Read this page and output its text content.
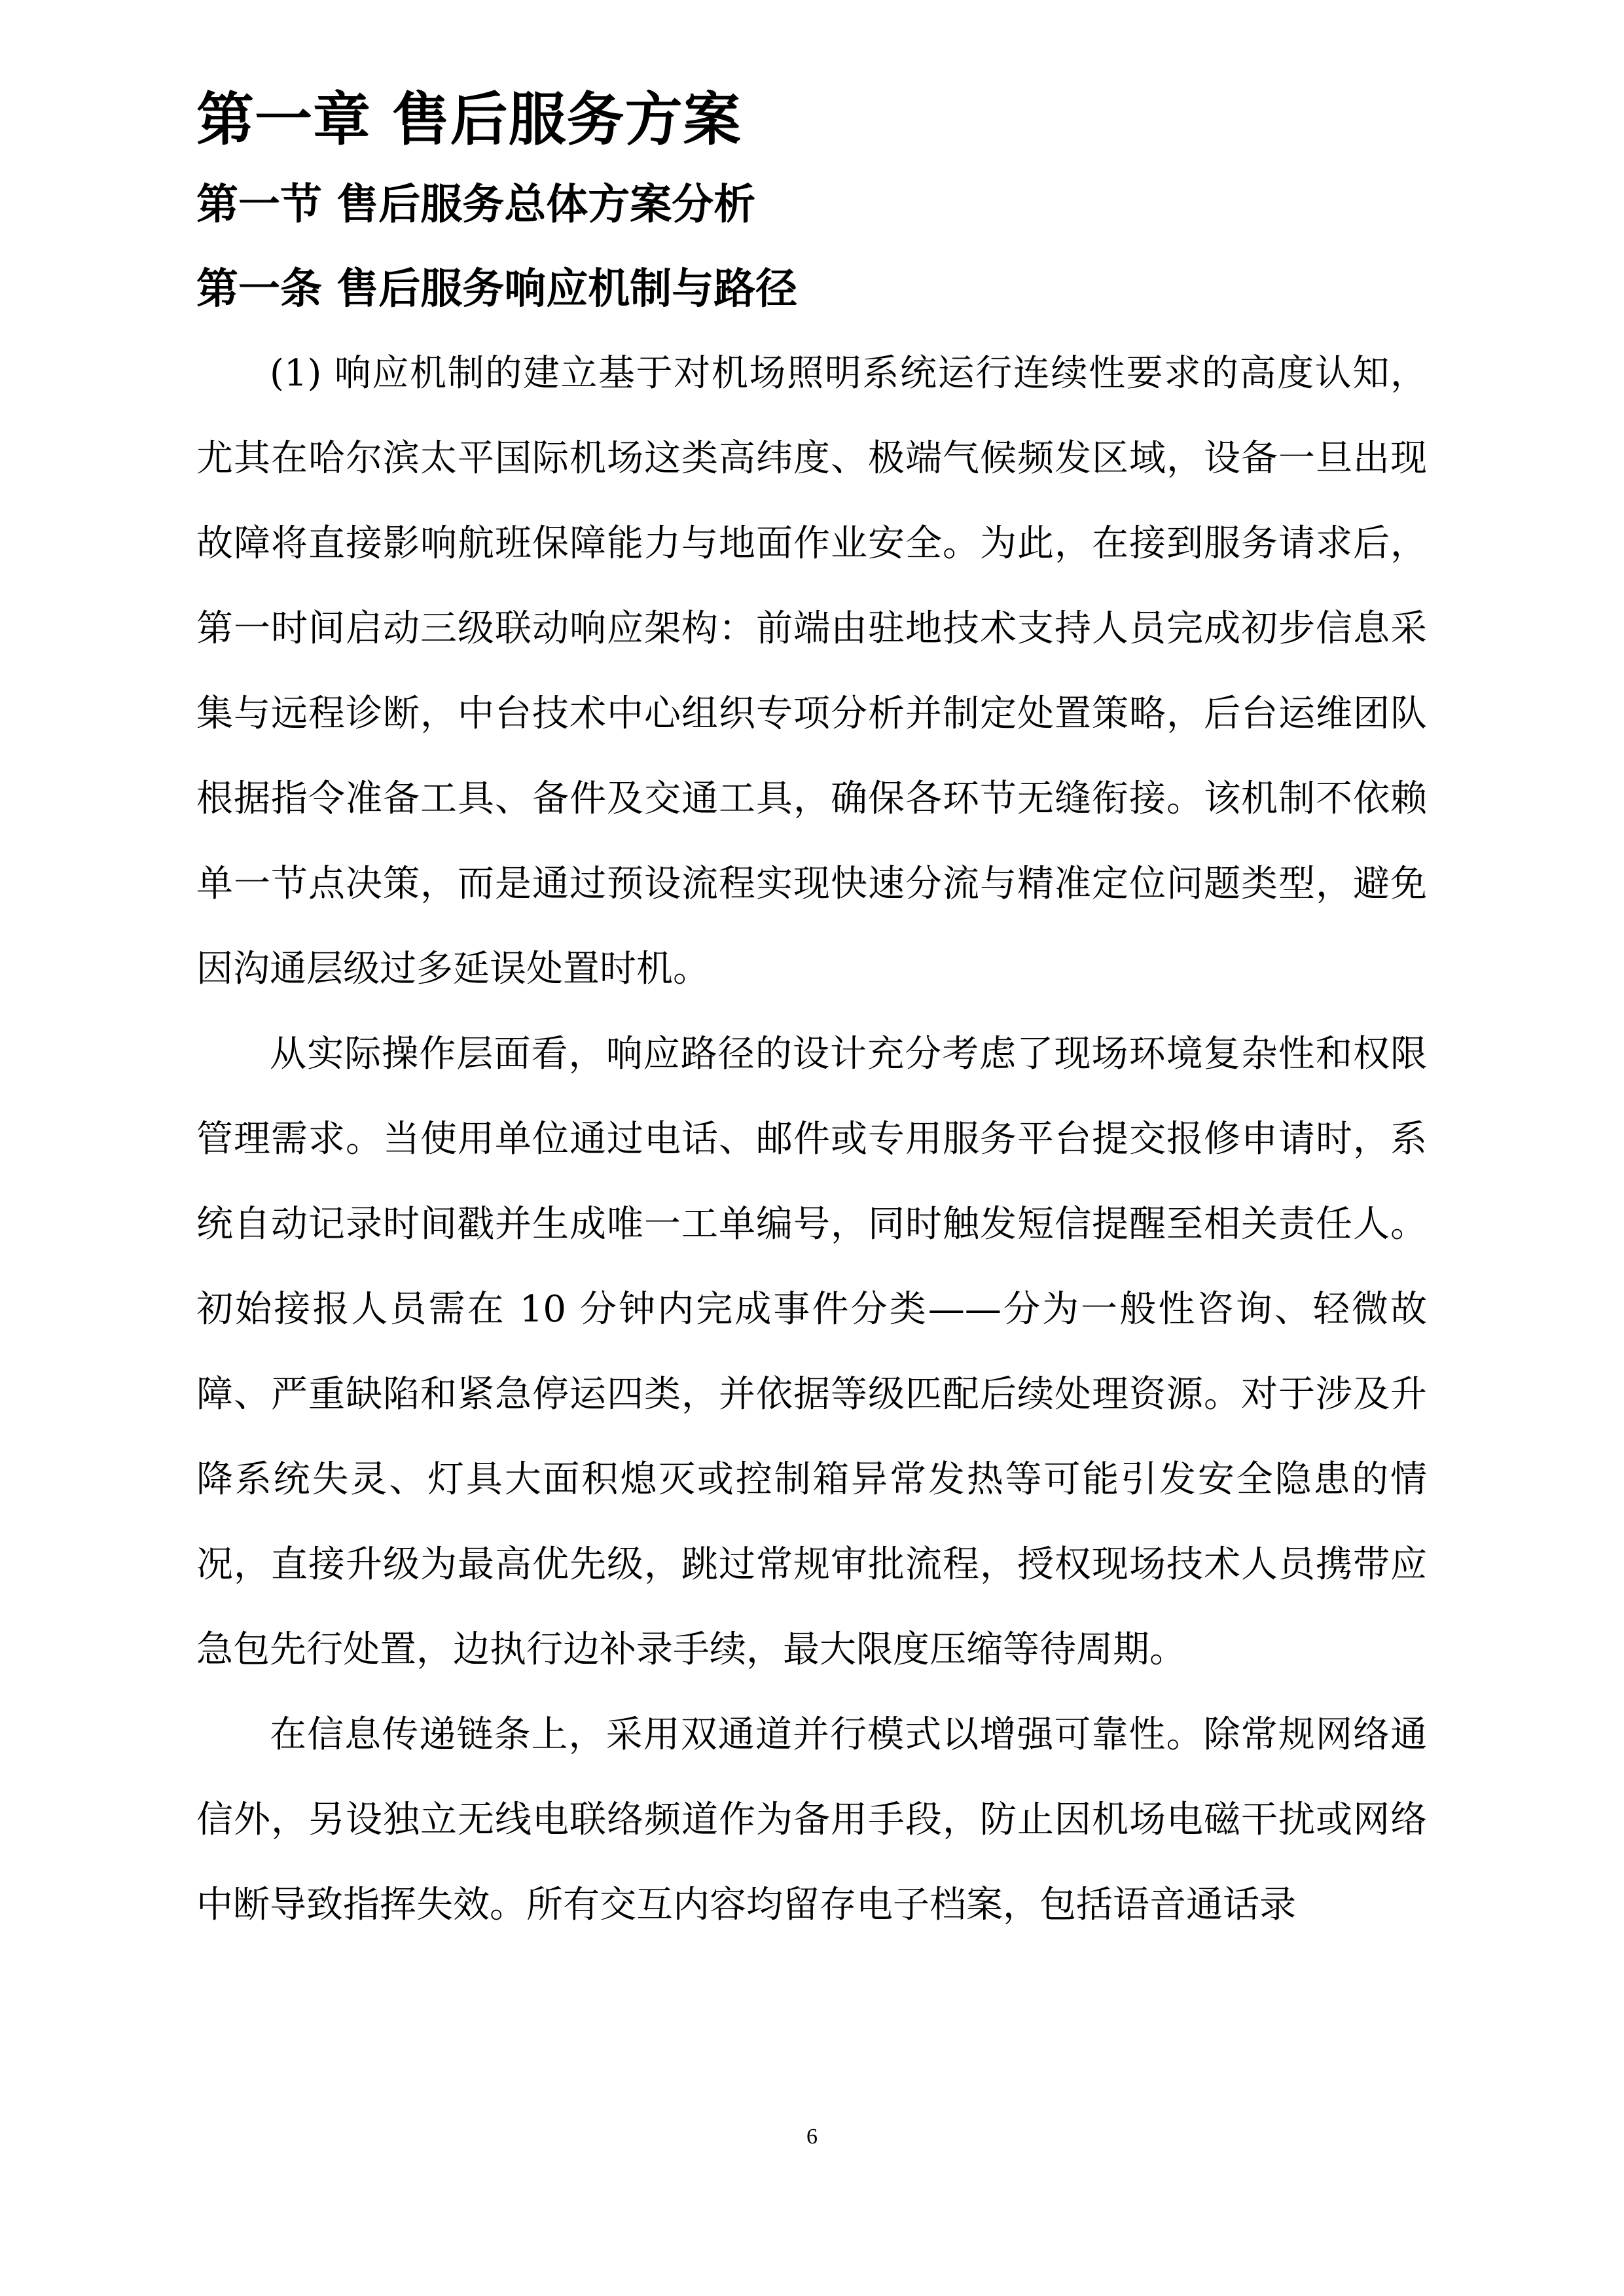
第一章 售后服务方案
第一节 售后服务总体方案分析
第一条 售后服务响应机制与路径

(1) 响应机制的建立基于对机场照明系统运行连续性要求的高度认知，尤其在哈尔滨太平国际机场这类高纬度、极端气候频发区域，设备一旦出现故障将直接影响航班保障能力与地面作业安全。为此，在接到服务请求后，第一时间启动三级联动响应架构：前端由驻地技术支持人员完成初步信息采集与远程诊断，中台技术中心组织专项分析并制定处置策略，后台运维团队根据指令准备工具、备件及交通工具，确保各环节无缝衔接。该机制不依赖单一节点决策，而是通过预设流程实现快速分流与精准定位问题类型，避免因沟通层级过多延误处置时机。

从实际操作层面看，响应路径的设计充分考虑了现场环境复杂性和权限管理需求。当使用单位通过电话、邮件或专用服务平台提交报修申请时，系统自动记录时间戳并生成唯一工单编号，同时触发短信提醒至相关责任人。初始接报人员需在 10 分钟内完成事件分类——分为一般性咨询、轻微故障、严重缺陷和紧急停运四类，并依据等级匹配后续处理资源。对于涉及升降系统失灵、灯具大面积熄灭或控制箱异常发热等可能引发安全隐患的情况，直接升级为最高优先级，跳过常规审批流程，授权现场技术人员携带应急包先行处置，边执行边补录手续，最大限度压缩等待周期。

在信息传递链条上，采用双通道并行模式以增强可靠性。除常规网络通信外，另设独立无线电联络频道作为备用手段，防止因机场电磁干扰或网络中断导致指挥失效。所有交互内容均留存电子档案，包括语音通话录

6
